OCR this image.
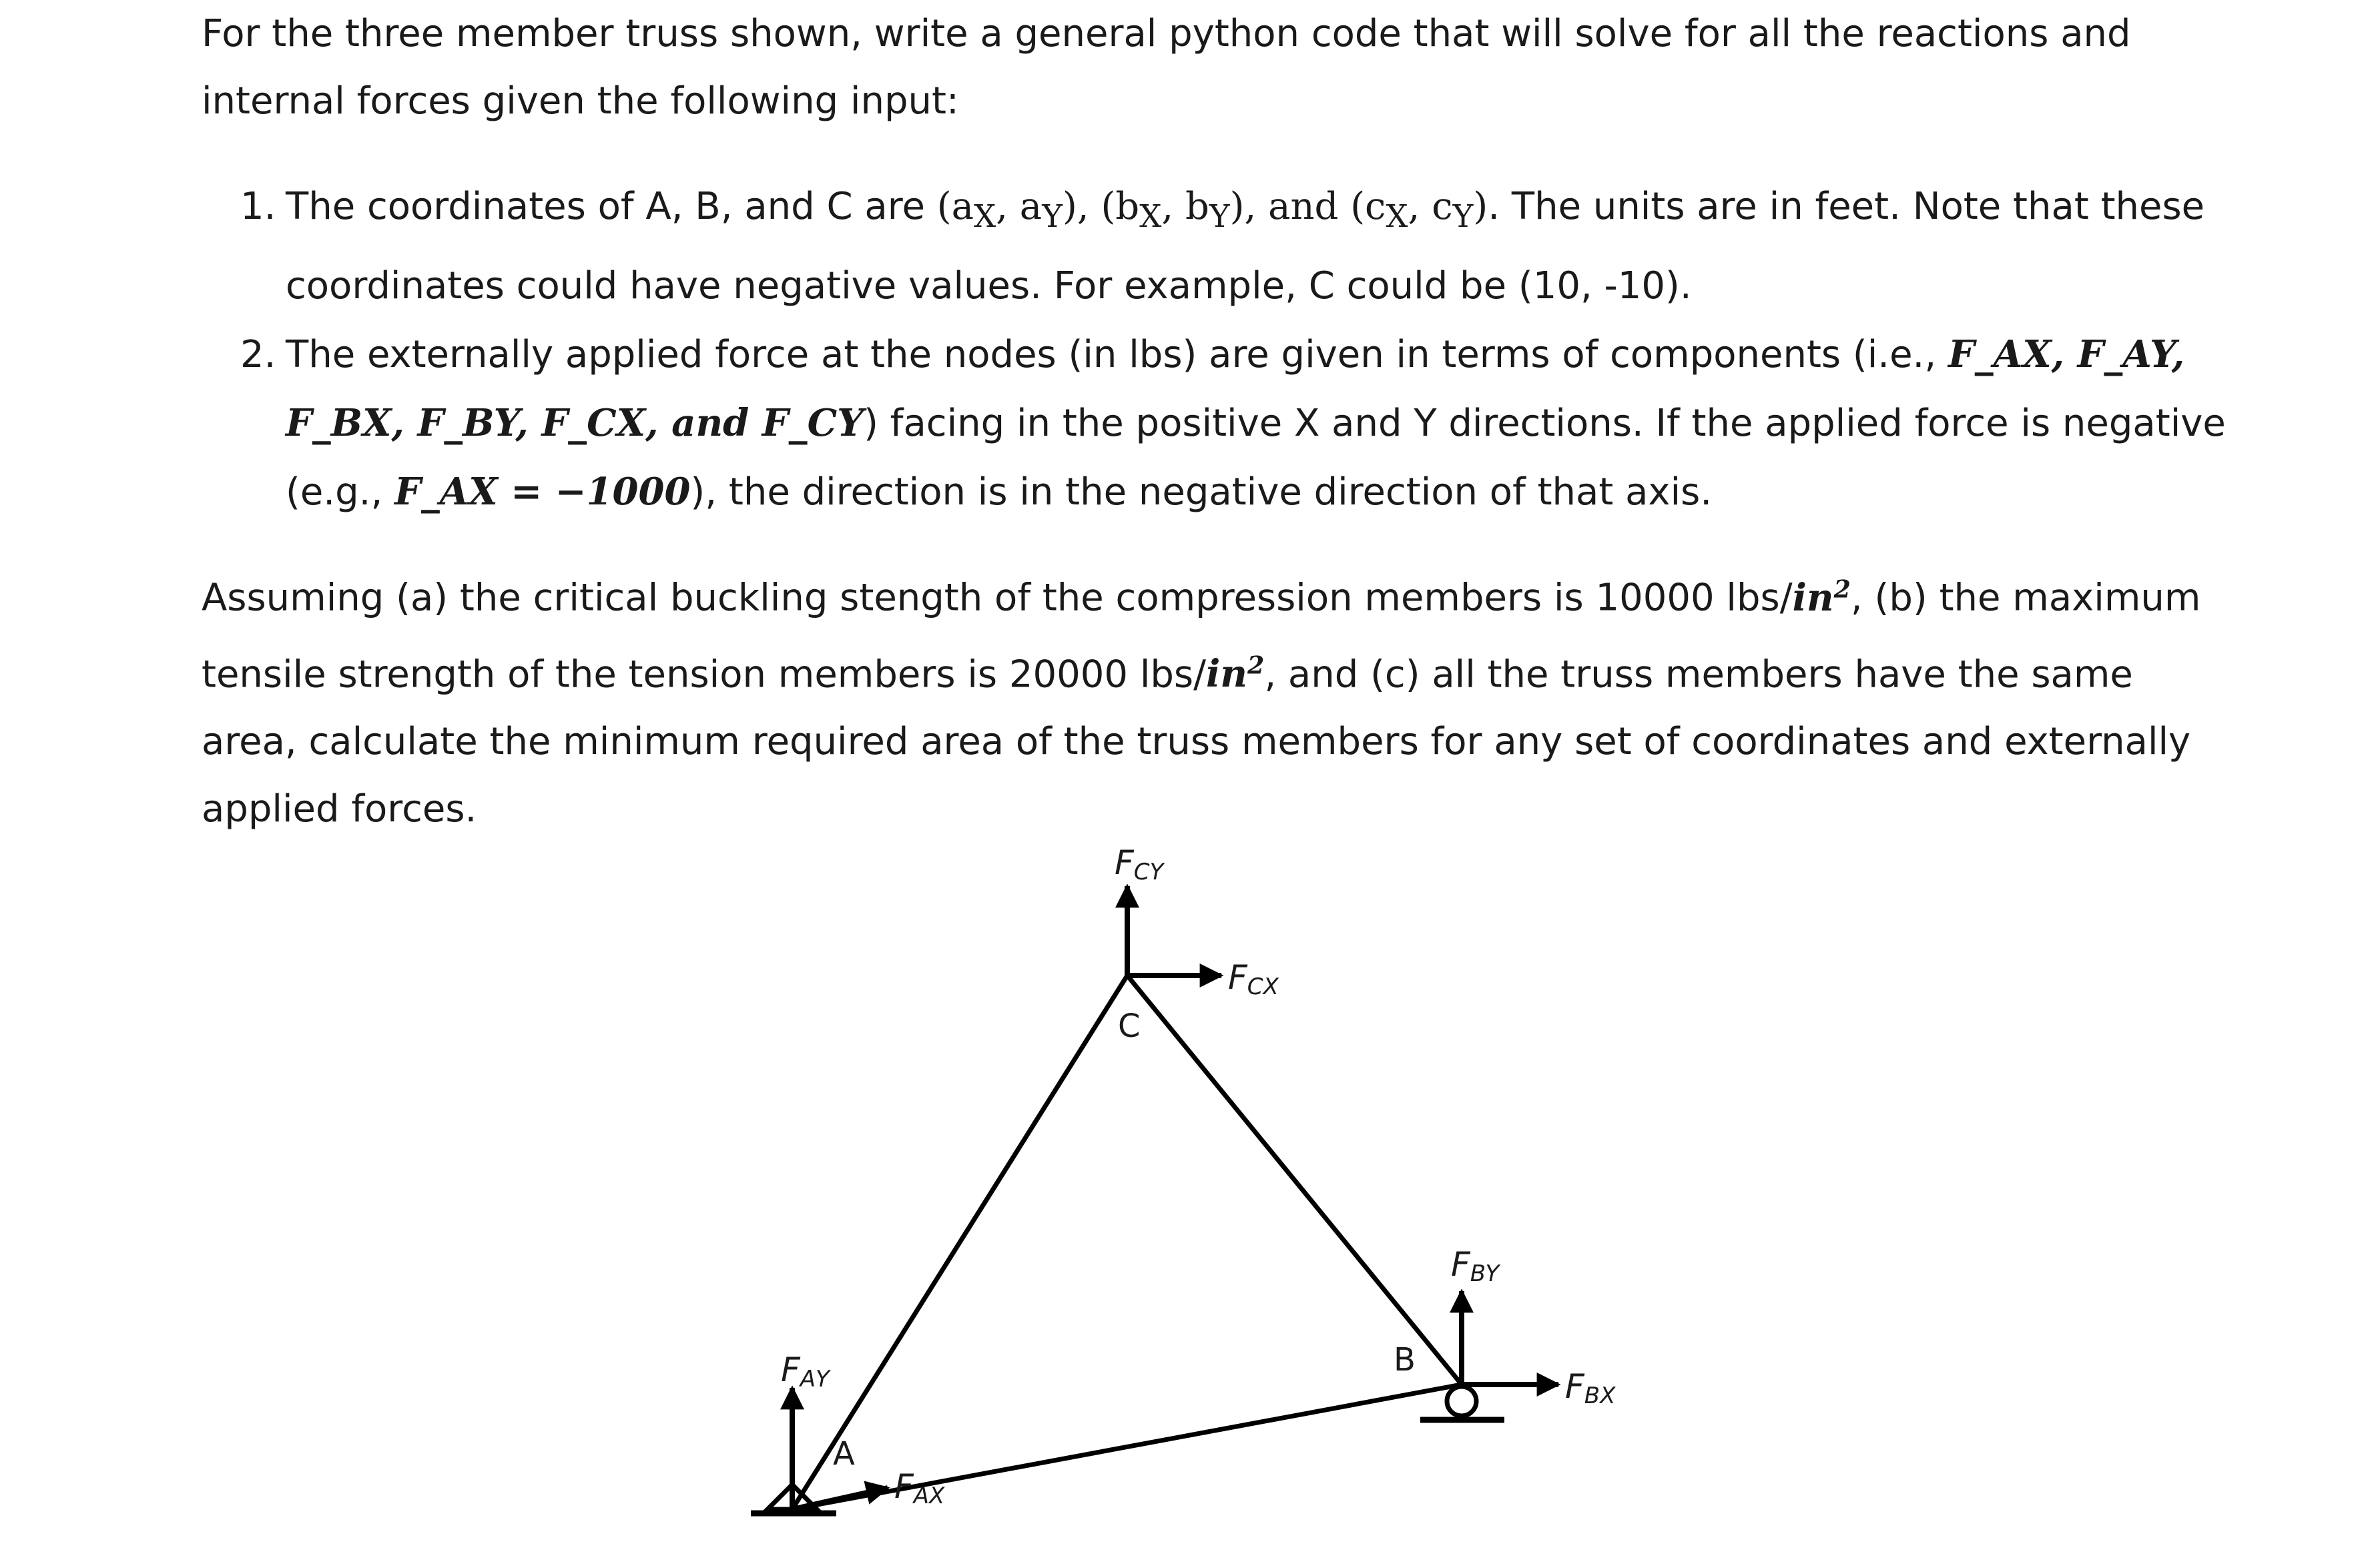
For the three member truss shown, write a general python code that will solve for all the reactions and internal forces given the following input:

1. The coordinates of A, B, and C are ($a_X$, $a_Y$), ($b_X$, $b_Y$), and ($c_X$, $c_Y$). The units are in feet. Note that these coordinates could have negative values. For example, C could be (10, -10).
2. The externally applied force at the nodes (in lbs) are given in terms of components (i.e., F_AX, F_AY, F_BX, F_BY, F_CX, and F_CY) facing in the positive X and Y directions. If the applied force is negative (e.g., F_AX = −1000), the direction is in the negative direction of that axis.

Assuming (a) the critical buckling stength of the compression members is 10000 lbs/$in^2$, (b) the maximum tensile strength of the tension members is 20000 lbs/$in^2$, and (c) all the truss members have the same area, calculate the minimum required area of the truss members for any set of coordinates and externally applied forces.

C
B
A
FCY
FCX
FBY
FBX
FAY
FAX
